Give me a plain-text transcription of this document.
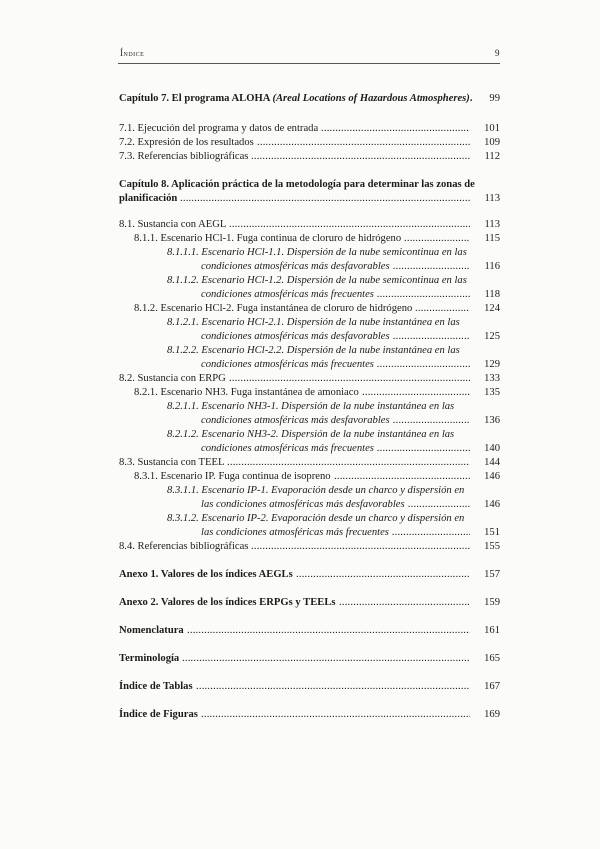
Índice	9
Capítulo 7. El programa ALOHA (Areal Locations of Hazardous Atmospheres).	99
7.1. Ejecución del programa y datos de entrada .....	101
7.2. Expresión de los resultados .....	109
7.3. Referencias bibliográficas .....	112
Capítulo 8. Aplicación práctica de la metodología para determinar las zonas de
planificación .....	113
8.1. Sustancia con AEGL .....	113
8.1.1. Escenario HCl-1. Fuga continua de cloruro de hidrógeno .....	115
8.1.1.1. Escenario HCl-1.1. Dispersión de la nube semicontinua en las
condiciones atmosféricas más desfavorables .....	116
8.1.1.2. Escenario HCl-1.2. Dispersión de la nube semicontinua en las
condiciones atmosféricas más frecuentes .....	118
8.1.2. Escenario HCl-2. Fuga instantánea de cloruro de hidrógeno .....	124
8.1.2.1. Escenario HCl-2.1. Dispersión de la nube instantánea en las
condiciones atmosféricas más desfavorables .....	125
8.1.2.2. Escenario HCl-2.2. Dispersión de la nube instantánea en las
condiciones atmosféricas más frecuentes .....	129
8.2. Sustancia con ERPG .....	133
8.2.1. Escenario NH3. Fuga instantánea de amoniaco .....	135
8.2.1.1. Escenario NH3-1. Dispersión de la nube instantánea en las
condiciones atmosféricas más desfavorables .....	136
8.2.1.2. Escenario NH3-2. Dispersión de la nube instantánea en las
condiciones atmosféricas más frecuentes .....	140
8.3. Sustancia con TEEL .....	144
8.3.1. Escenario IP. Fuga continua de isopreno .....	146
8.3.1.1. Escenario IP-1. Evaporación desde un charco y dispersión en
las condiciones atmosféricas más desfavorables .....	146
8.3.1.2. Escenario IP-2. Evaporación desde un charco y dispersión en
las condiciones atmosféricas más frecuentes .....	151
8.4. Referencias bibliográficas .....	155
Anexo 1. Valores de los índices AEGLs .....	157
Anexo 2. Valores de los índices ERPGs y TEELs .....	159
Nomenclatura .....	161
Terminología .....	165
Índice de Tablas .....	167
Índice de Figuras .....	169
